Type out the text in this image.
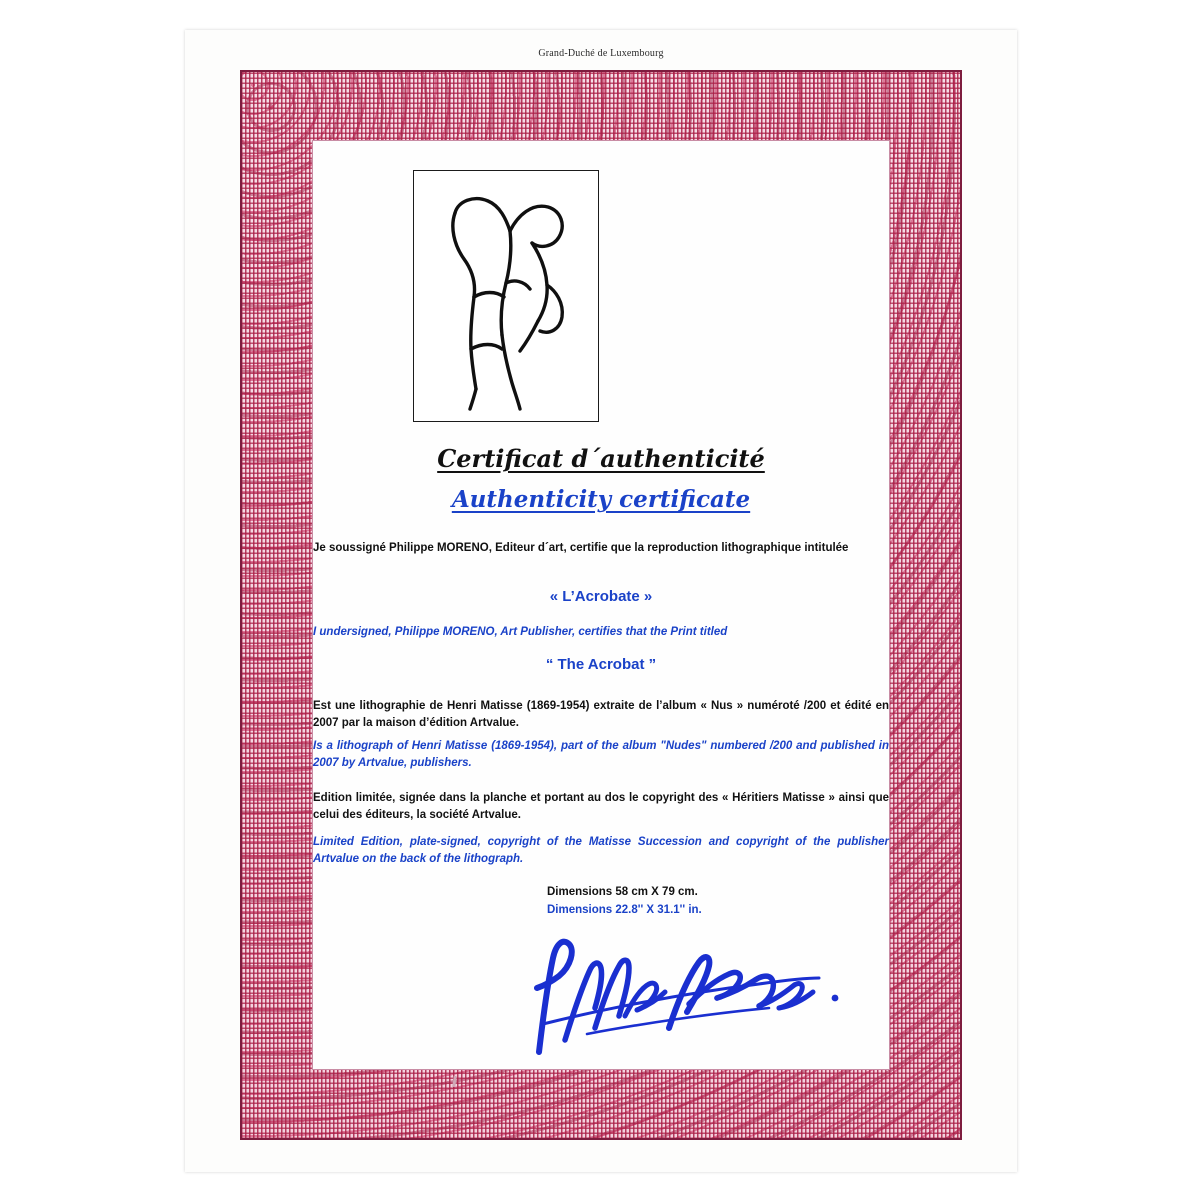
Grand-Duché de Luxembourg
Certificat d´authenticité
Authenticity certificate
Je soussigné Philippe MORENO, Editeur d´art, certifie que la reproduction lithographique intitulée
« L’Acrobate »
I undersigned, Philippe MORENO, Art Publisher, certifies that the Print titled
“ The Acrobat ”
Est une lithographie de Henri Matisse (1869-1954) extraite de l’album « Nus » numéroté /200 et édité en 2007 par la maison d’édition Artvalue.
Is a lithograph of Henri Matisse (1869-1954), part of the album "Nudes" numbered /200 and published in 2007 by Artvalue, publishers.
Edition limitée, signée dans la planche et portant au dos le copyright des « Héritiers Matisse » ainsi que celui des éditeurs, la société Artvalue.
Limited Edition, plate-signed, copyright of the Matisse Succession and copyright of the publisher Artvalue on the back of the lithograph.
Dimensions 58 cm X 79 cm.
Dimensions 22.8'' X 31.1'' in.
